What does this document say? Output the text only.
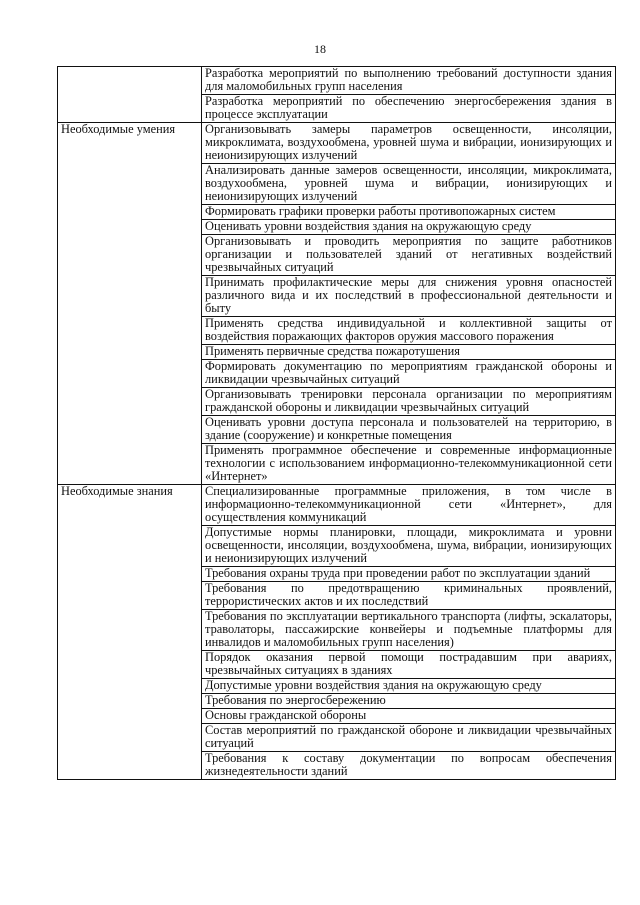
18
	Разработка мероприятий по выполнению требований доступности здания для маломобильных групп населения
	Разработка мероприятий по обеспечению энергосбережения здания в процессе эксплуатации
Необходимые умения	Организовывать замеры параметров освещенности, инсоляции, микроклимата, воздухообмена, уровней шума и вибрации, ионизирующих и неионизирующих излучений
	Анализировать данные замеров освещенности, инсоляции, микроклимата, воздухообмена, уровней шума и вибрации, ионизирующих и неионизирующих излучений
	Формировать графики проверки работы противопожарных систем
	Оценивать уровни воздействия здания на окружающую среду
	Организовывать и проводить мероприятия по защите работников организации и пользователей зданий от негативных воздействий чрезвычайных ситуаций
	Принимать профилактические меры для снижения уровня опасностей различного вида и их последствий в профессиональной деятельности и быту
	Применять средства индивидуальной и коллективной защиты от воздействия поражающих факторов оружия массового поражения
	Применять первичные средства пожаротушения
	Формировать документацию по мероприятиям гражданской обороны и ликвидации чрезвычайных ситуаций
	Организовывать тренировки персонала организации по мероприятиям гражданской обороны и ликвидации чрезвычайных ситуаций
	Оценивать уровни доступа персонала и пользователей на территорию, в здание (сооружение) и конкретные помещения
	Применять программное обеспечение и современные информационные технологии с использованием информационно-телекоммуникационной сети «Интернет»
Необходимые знания	Специализированные программные приложения, в том числе в информационно-телекоммуникационной сети «Интернет», для осуществления коммуникаций
	Допустимые нормы планировки, площади, микроклимата и уровни освещенности, инсоляции, воздухообмена, шума, вибрации, ионизирующих и неионизирующих излучений
	Требования охраны труда при проведении работ по эксплуатации зданий
	Требования по предотвращению криминальных проявлений, террористических актов и их последствий
	Требования по эксплуатации вертикального транспорта (лифты, эскалаторы, траволаторы, пассажирские конвейеры и подъемные платформы для инвалидов и маломобильных групп населения)
	Порядок оказания первой помощи пострадавшим при авариях, чрезвычайных ситуациях в зданиях
	Допустимые уровни воздействия здания на окружающую среду
	Требования по энергосбережению
	Основы гражданской обороны
	Состав мероприятий по гражданской обороне и ликвидации чрезвычайных ситуаций
	Требования к составу документации по вопросам обеспечения жизнедеятельности зданий
